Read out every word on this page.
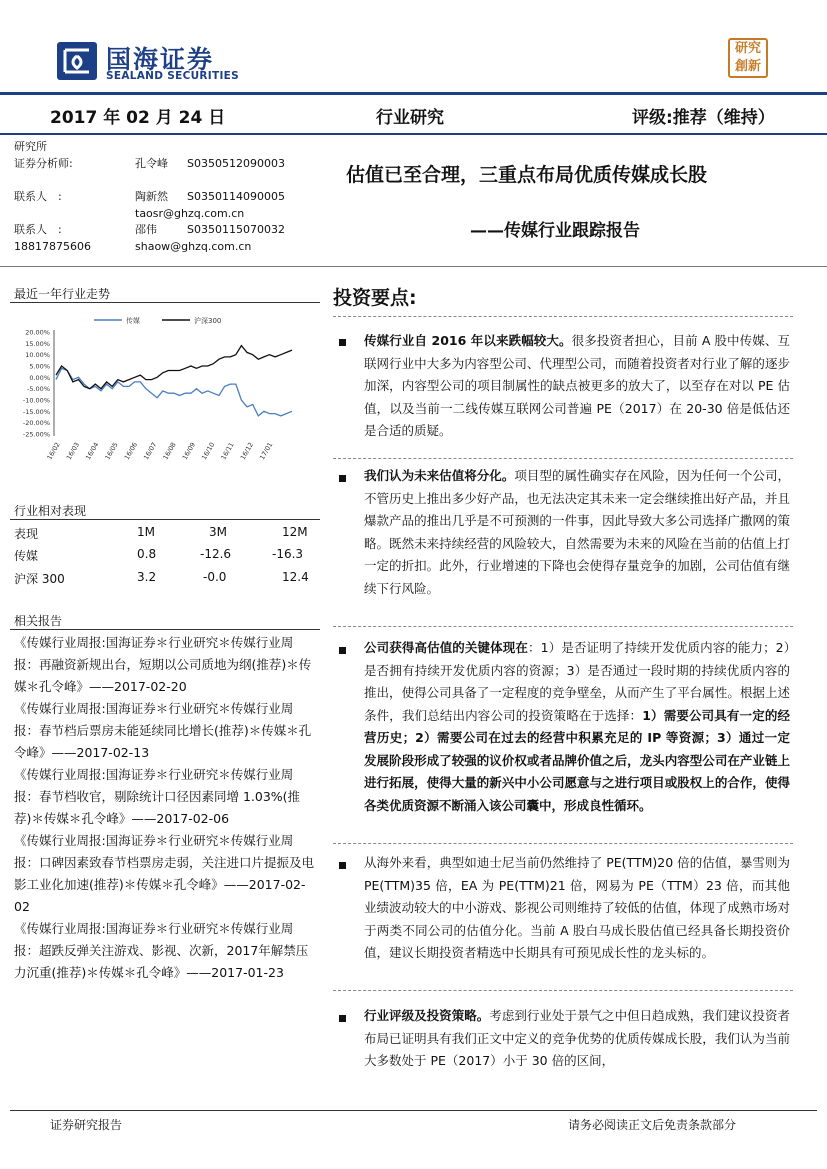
国海证券
SEALAND SECURITIES
研究
創新
2017 年 02 月 24 日	行业研究	评级:推荐（维持）
研究所
证券分析师:	孔令峰 S0350512090003
联系人　:	陶新然 S0350114090005
taosr@ghzq.com.cn
联系人　:	邵伟	S0350115070032
18817875606	shaow@ghzq.com.cn
估值已至合理，三重点布局优质传媒成长股
——传媒行业跟踪报告
最近一年行业走势
传媒	沪深300
20.00%
15.00%
10.00%
5.00%
0.00%
-5.00%
-10.00%
-15.00%
-20.00%
-25.00%
16/02 16/03 16/04 16/05 16/06 16/07 16/08 16/09 16/10 16/11 16/12 17/01
行业相对表现
表现	1M	3M	12M
传媒	0.8	-12.6	-16.3
沪深 300	3.2	-0.0	12.4
相关报告

《传媒行业周报:国海证券＊行业研究＊传媒行业周报：再融资新规出台，短期以公司质地为纲(推荐)＊传媒＊孔令峰》——2017-02-20

《传媒行业周报:国海证券＊行业研究＊传媒行业周报：春节档后票房未能延续同比增长(推荐)＊传媒＊孔令峰》——2017-02-13

《传媒行业周报:国海证券＊行业研究＊传媒行业周报：春节档收官，剔除统计口径因素同增 1.03%(推荐)＊传媒＊孔令峰》——2017-02-06

《传媒行业周报:国海证券＊行业研究＊传媒行业周报：口碑因素致春节档票房走弱，关注进口片提振及电影工业化加速(推荐)＊传媒＊孔令峰》——2017-02-02

《传媒行业周报:国海证券＊行业研究＊传媒行业周报：超跌反弹关注游戏、影视、次新，2017年解禁压力沉重(推荐)＊传媒＊孔令峰》——2017-01-23

投资要点:

传媒行业自 2016 年以来跌幅较大。很多投资者担心，目前 A 股中传媒、互联网行业中大多为内容型公司、代理型公司，而随着投资者对行业了解的逐步加深，内容型公司的项目制属性的缺点被更多的放大了，以至存在对以 PE 估值，以及当前一二线传媒互联网公司普遍 PE（2017）在 20-30 倍是低估还是合适的质疑。

我们认为未来估值将分化。项目型的属性确实存在风险，因为任何一个公司，不管历史上推出多少好产品，也无法决定其未来一定会继续推出好产品，并且爆款产品的推出几乎是不可预测的一件事，因此导致大多公司选择广撒网的策略。既然未来持续经营的风险较大，自然需要为未来的风险在当前的估值上打一定的折扣。此外，行业增速的下降也会使得存量竞争的加剧，公司估值有继续下行风险。

公司获得高估值的关键体现在：1）是否证明了持续开发优质内容的能力；2）是否拥有持续开发优质内容的资源；3）是否通过一段时期的持续优质内容的推出，使得公司具备了一定程度的竞争壁垒，从而产生了平台属性。根据上述条件，我们总结出内容公司的投资策略在于选择：1）需要公司具有一定的经营历史；2）需要公司在过去的经营中积累充足的 IP 等资源；3）通过一定发展阶段形成了较强的议价权或者品牌价值之后，龙头内容型公司在产业链上进行拓展，使得大量的新兴中小公司愿意与之进行项目或股权上的合作，使得各类优质资源不断涌入该公司囊中，形成良性循环。

从海外来看，典型如迪士尼当前仍然维持了 PE(TTM)20 倍的估值，暴雪则为 PE(TTM)35 倍，EA 为 PE(TTM)21 倍，网易为 PE（TTM）23 倍，而其他业绩波动较大的中小游戏、影视公司则维持了较低的估值，体现了成熟市场对于两类不同公司的估值分化。当前 A 股白马成长股估值已经具备长期投资价值，建议长期投资者精选中长期具有可预见成长性的龙头标的。

行业评级及投资策略。考虑到行业处于景气之中但日趋成熟，我们建议投资者布局已证明具有我们正文中定义的竞争优势的优质传媒成长股，我们认为当前大多数处于 PE（2017）小于 30 倍的区间，

证券研究报告	请务必阅读正文后免责条款部分
